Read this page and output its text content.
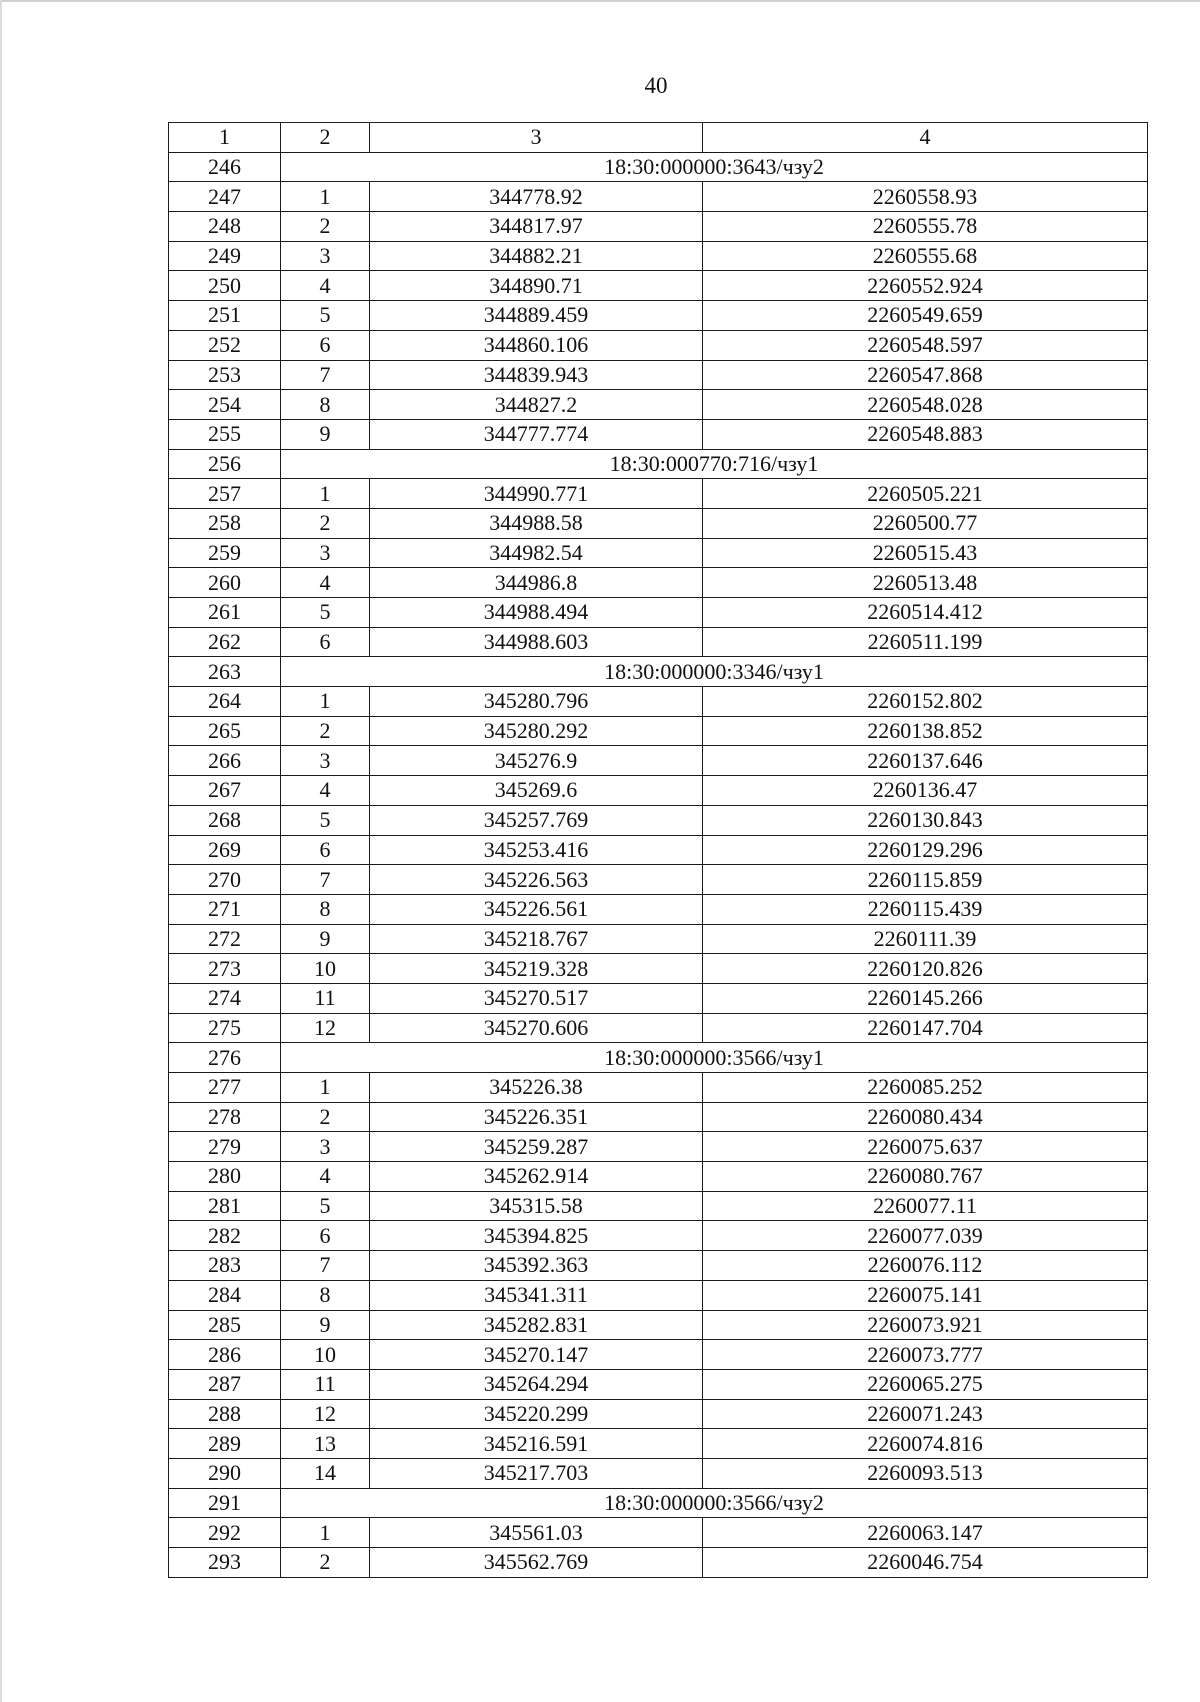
40
1	2	3	4
246	18:30:000000:3643/чзу2		
247	1	344778.92	2260558.93
248	2	344817.97	2260555.78
249	3	344882.21	2260555.68
250	4	344890.71	2260552.924
251	5	344889.459	2260549.659
252	6	344860.106	2260548.597
253	7	344839.943	2260547.868
254	8	344827.2	2260548.028
255	9	344777.774	2260548.883
256	18:30:000770:716/чзу1		
257	1	344990.771	2260505.221
258	2	344988.58	2260500.77
259	3	344982.54	2260515.43
260	4	344986.8	2260513.48
261	5	344988.494	2260514.412
262	6	344988.603	2260511.199
263	18:30:000000:3346/чзу1		
264	1	345280.796	2260152.802
265	2	345280.292	2260138.852
266	3	345276.9	2260137.646
267	4	345269.6	2260136.47
268	5	345257.769	2260130.843
269	6	345253.416	2260129.296
270	7	345226.563	2260115.859
271	8	345226.561	2260115.439
272	9	345218.767	2260111.39
273	10	345219.328	2260120.826
274	11	345270.517	2260145.266
275	12	345270.606	2260147.704
276	18:30:000000:3566/чзу1		
277	1	345226.38	2260085.252
278	2	345226.351	2260080.434
279	3	345259.287	2260075.637
280	4	345262.914	2260080.767
281	5	345315.58	2260077.11
282	6	345394.825	2260077.039
283	7	345392.363	2260076.112
284	8	345341.311	2260075.141
285	9	345282.831	2260073.921
286	10	345270.147	2260073.777
287	11	345264.294	2260065.275
288	12	345220.299	2260071.243
289	13	345216.591	2260074.816
290	14	345217.703	2260093.513
291	18:30:000000:3566/чзу2		
292	1	345561.03	2260063.147
293	2	345562.769	2260046.754
